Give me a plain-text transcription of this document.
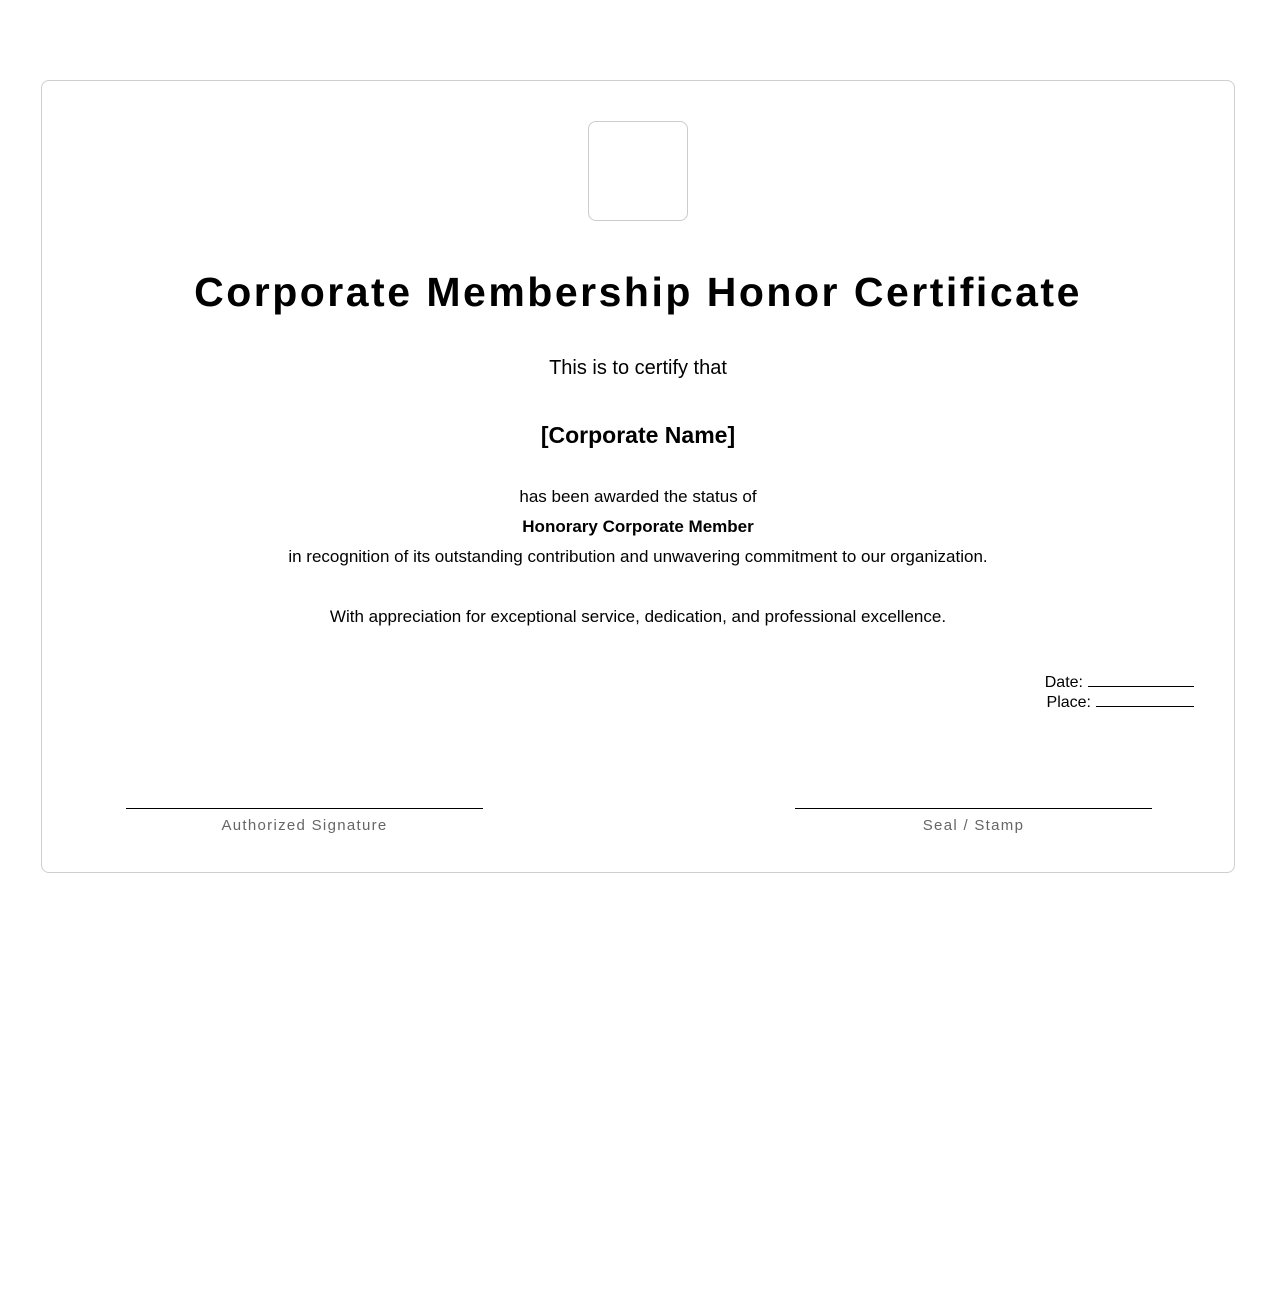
Corporate Membership Honor Certificate
This is to certify that
[Corporate Name]
has been awarded the status of
Honorary Corporate Member
in recognition of its outstanding contribution and unwavering commitment to our organization.
With appreciation for exceptional service, dedication, and professional excellence.
Date:
Place:
Authorized Signature	Seal / Stamp
